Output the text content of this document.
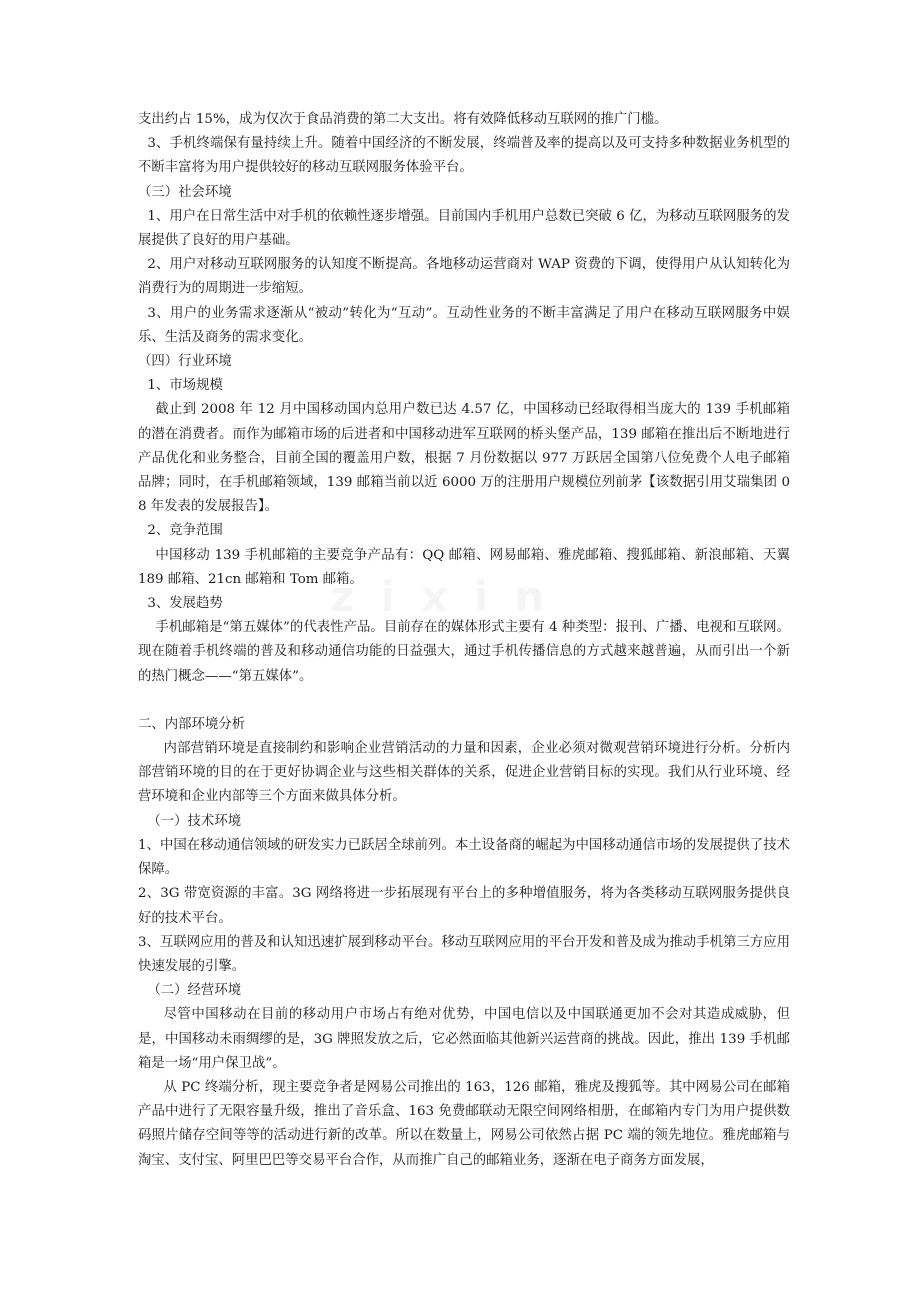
支出约占 15%，成为仅次于食品消费的第二大支出。将有效降低移动互联网的推广门槛。

3、手机终端保有量持续上升。随着中国经济的不断发展，终端普及率的提高以及可支持多种数据业务机型的不断丰富将为用户提供较好的移动互联网服务体验平台。

（三）社会环境

1、用户在日常生活中对手机的依赖性逐步增强。目前国内手机用户总数已突破 6 亿，为移动互联网服务的发展提供了良好的用户基础。

2、用户对移动互联网服务的认知度不断提高。各地移动运营商对 WAP 资费的下调，使得用户从认知转化为消费行为的周期进一步缩短。

3、用户的业务需求逐渐从“被动”转化为“互动”。互动性业务的不断丰富满足了用户在移动互联网服务中娱乐、生活及商务的需求变化。

（四）行业环境

1、市场规模

截止到 2008 年 12 月中国移动国内总用户数已达 4.57 亿，中国移动已经取得相当庞大的 139 手机邮箱的潜在消费者。而作为邮箱市场的后进者和中国移动进军互联网的桥头堡产品，139 邮箱在推出后不断地进行产品优化和业务整合，目前全国的覆盖用户数，根据 7 月份数据以 977 万跃居全国第八位免费个人电子邮箱品牌；同时，在手机邮箱领域，139 邮箱当前以近 6000 万的注册用户规模位列前茅【该数据引用艾瑞集团 08 年发表的发展报告】。

2、竞争范围

中国移动 139 手机邮箱的主要竞争产品有：QQ 邮箱、网易邮箱、雅虎邮箱、搜狐邮箱、新浪邮箱、天翼 189 邮箱、21cn 邮箱和 Tom 邮箱。

3、发展趋势

手机邮箱是“第五媒体”的代表性产品。目前存在的媒体形式主要有 4 种类型：报刊、广播、电视和互联网。现在随着手机终端的普及和移动通信功能的日益强大，通过手机传播信息的方式越来越普遍，从而引出一个新的热门概念——“第五媒体”。

二、内部环境分析

内部营销环境是直接制约和影响企业营销活动的力量和因素，企业必须对微观营销环境进行分析。分析内部营销环境的目的在于更好协调企业与这些相关群体的关系，促进企业营销目标的实现。我们从行业环境、经营环境和企业内部等三个方面来做具体分析。

（一）技术环境

1、中国在移动通信领域的研发实力已跃居全球前列。本土设备商的崛起为中国移动通信市场的发展提供了技术保障。

2、3G 带宽资源的丰富。3G 网络将进一步拓展现有平台上的多种增值服务，将为各类移动互联网服务提供良好的技术平台。

3、互联网应用的普及和认知迅速扩展到移动平台。移动互联网应用的平台开发和普及成为推动手机第三方应用快速发展的引擎。

（二）经营环境

尽管中国移动在目前的移动用户市场占有绝对优势，中国电信以及中国联通更加不会对其造成威胁，但是，中国移动未雨绸缪的是，3G 牌照发放之后，它必然面临其他新兴运营商的挑战。因此，推出 139 手机邮箱是一场“用户保卫战”。

从 PC 终端分析，现主要竞争者是网易公司推出的 163，126 邮箱，雅虎及搜狐等。其中网易公司在邮箱产品中进行了无限容量升级，推出了音乐盒、163 免费邮联动无限空间网络相册，在邮箱内专门为用户提供数码照片储存空间等等的活动进行新的改革。所以在数量上，网易公司依然占据 PC 端的领先地位。雅虎邮箱与淘宝、支付宝、阿里巴巴等交易平台合作，从而推广自己的邮箱业务，逐渐在电子商务方面发展，
